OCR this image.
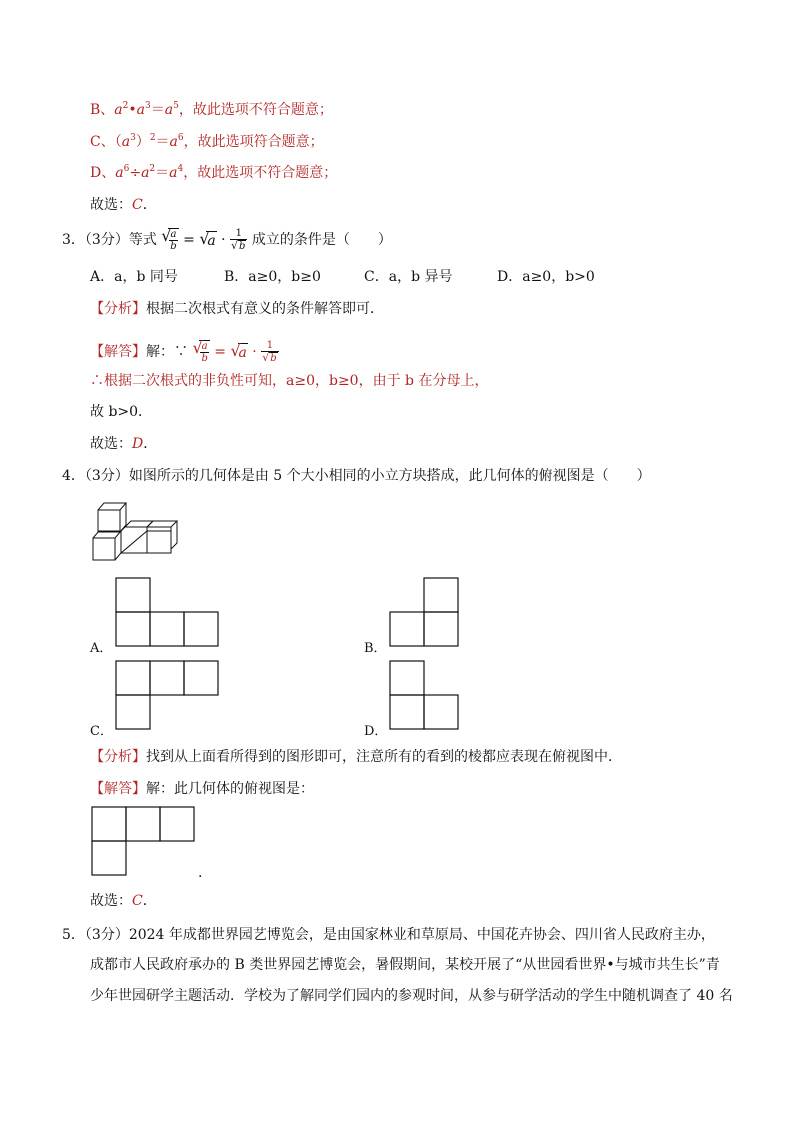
B、$a^2•a^3=a^5$，故此选项不符合题意；
C、$(a^3)^2=a^6$，故此选项符合题意；
D、$a^6\div a^2=a^4$，故此选项不符合题意；
故选：C．
3．（3分）等式 √
$\frac{a}{b}$ = √
$a \cdot \frac{1}{√ b}$ 成立的条件是（　　）
A．a，b 同号	B．a≥0，b≥0	C．a，b 异号	D．a≥0，b>0
【分析】根据二次根式有意义的条件解答即可．
【解答】解：∵ √
$\frac{a}{b}$ = √
$a \cdot \frac{1}{√ b}$
∴根据二次根式的非负性可知，a≥0，b≥0，由于 b 在分母上，
故 b>0．
故选：D．
4．（3分）如图所示的几何体是由 5 个大小相同的小立方块搭成，此几何体的俯视图是（　　）
A．	B．
C．	D．
【分析】找到从上面看所得到的图形即可，注意所有的看到的棱都应表现在俯视图中．
【解答】解：此几何体的俯视图是：
.
故选：C．
5．（3分）2024 年成都世界园艺博览会，是由国家林业和草原局、中国花卉协会、四川省人民政府主办，
成都市人民政府承办的 B 类世界园艺博览会，暑假期间，某校开展了“从世园看世界•与城市共生长”青
少年世园研学主题活动．学校为了解同学们园内的参观时间，从参与研学活动的学生中随机调查了 40 名
